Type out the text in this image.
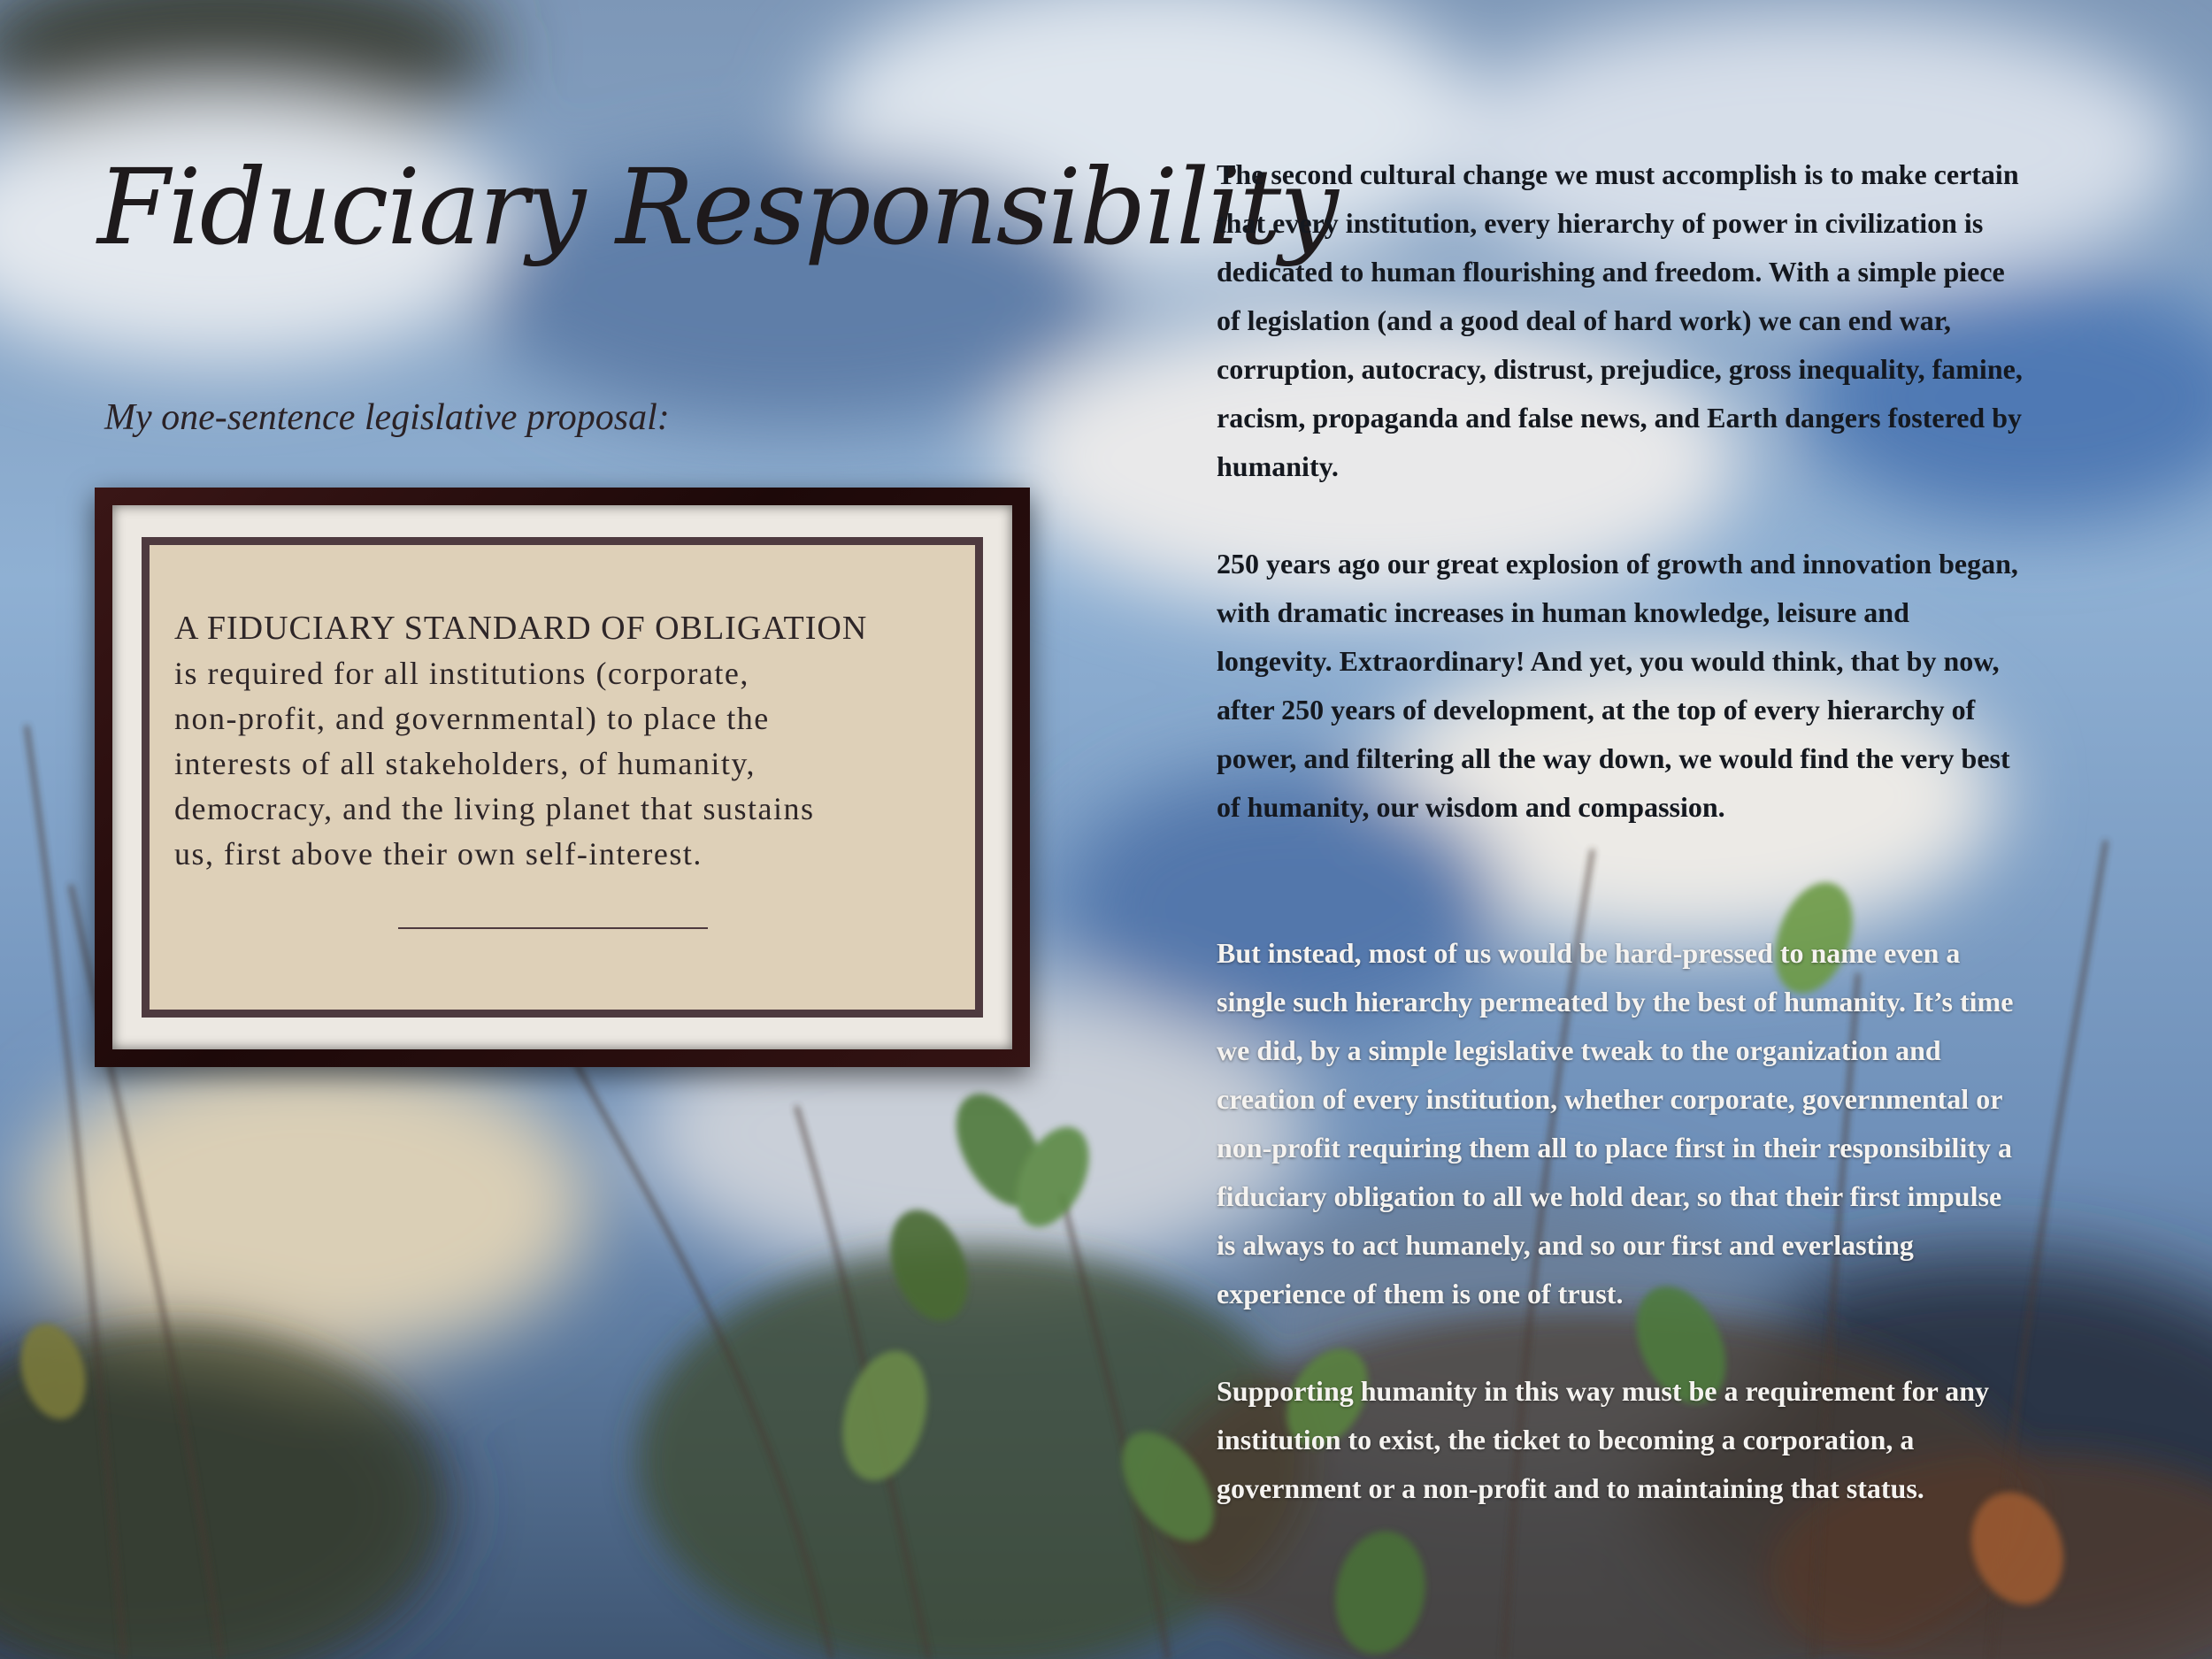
Fiduciary Responsibility
My one-sentence legislative proposal:
A FIDUCIARY STANDARD OF OBLIGATION
is required for all institutions (corporate,
non-profit, and governmental) to place the
interests of all stakeholders, of humanity,
democracy, and the living planet that sustains
us, first above their own self-interest.

The second cultural change we must accomplish is to make certain

that every institution, every hierarchy of power in civilization is

dedicated to human flourishing and freedom. With a simple piece

of legislation (and a good deal of hard work) we can end war,

corruption, autocracy, distrust, prejudice, gross inequality, famine,

racism, propaganda and false news, and Earth dangers fostered by

humanity.

250 years ago our great explosion of growth and innovation began,

with dramatic increases in human knowledge, leisure and

longevity. Extraordinary! And yet, you would think, that by now,

after 250 years of development, at the top of every hierarchy of

power, and filtering all the way down, we would find the very best

of humanity, our wisdom and compassion.

But instead, most of us would be hard-pressed to name even a

single such hierarchy permeated by the best of humanity. It’s time

we did, by a simple legislative tweak to the organization and

creation of every institution, whether corporate, governmental or

non-profit requiring them all to place first in their responsibility a

fiduciary obligation to all we hold dear, so that their first impulse

is always to act humanely, and so our first and everlasting

experience of them is one of trust.

Supporting humanity in this way must be a requirement for any

institution to exist, the ticket to becoming a corporation, a

government or a non-profit and to maintaining that status.
